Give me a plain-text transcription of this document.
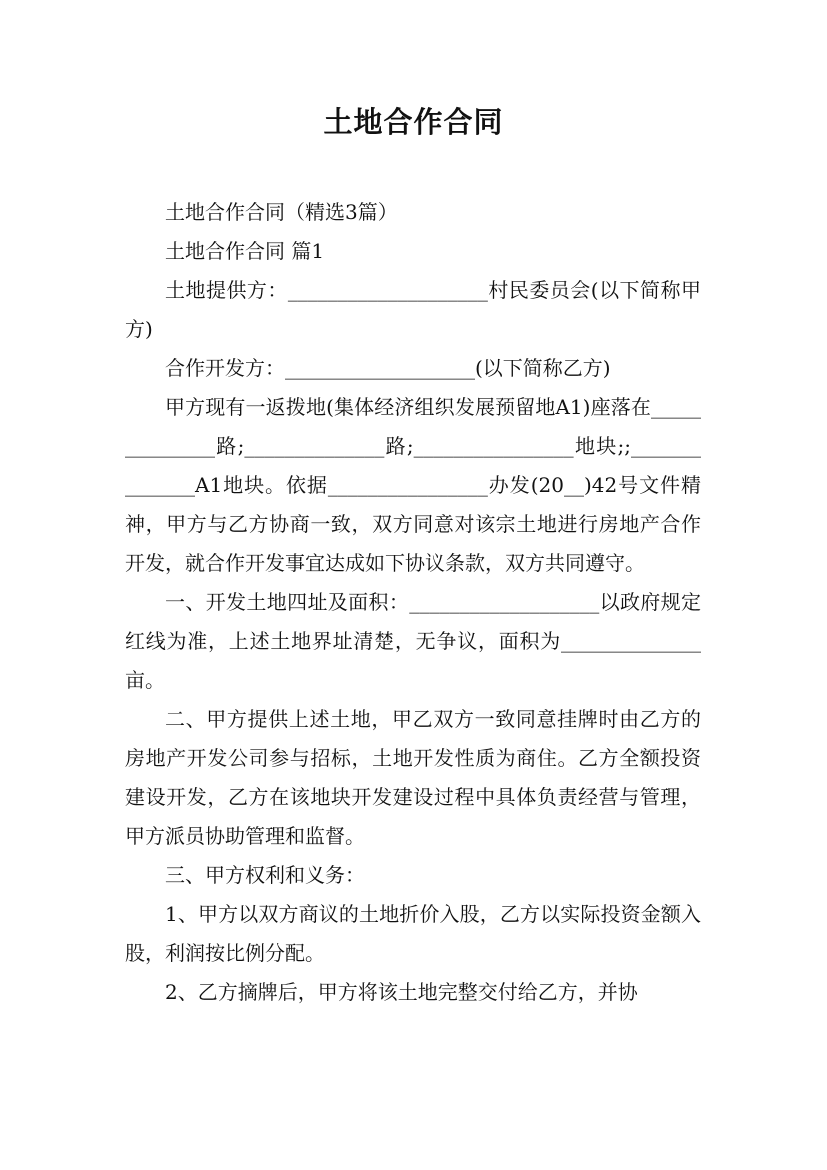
土地合作合同

土地合作合同（精选3篇）

土地合作合同 篇1

土地提供方：____________________村民委员会(以下简称甲方)

合作开发方：___________________(以下简称乙方)

甲方现有一返拨地(集体经济组织发展预留地A1)座落在______________路;______________路;________________地块;;______________A1地块。依据________________办发(20__)42号文件精神，甲方与乙方协商一致，双方同意对该宗土地进行房地产合作开发，就合作开发事宜达成如下协议条款，双方共同遵守。

一、开发土地四址及面积：___________________以政府规定红线为准，上述土地界址清楚，无争议，面积为______________亩。

二、甲方提供上述土地，甲乙双方一致同意挂牌时由乙方的房地产开发公司参与招标，土地开发性质为商住。乙方全额投资建设开发，乙方在该地块开发建设过程中具体负责经营与管理，甲方派员协助管理和监督。

三、甲方权利和义务：

1、甲方以双方商议的土地折价入股，乙方以实际投资金额入股，利润按比例分配。

2、乙方摘牌后，甲方将该土地完整交付给乙方，并协
